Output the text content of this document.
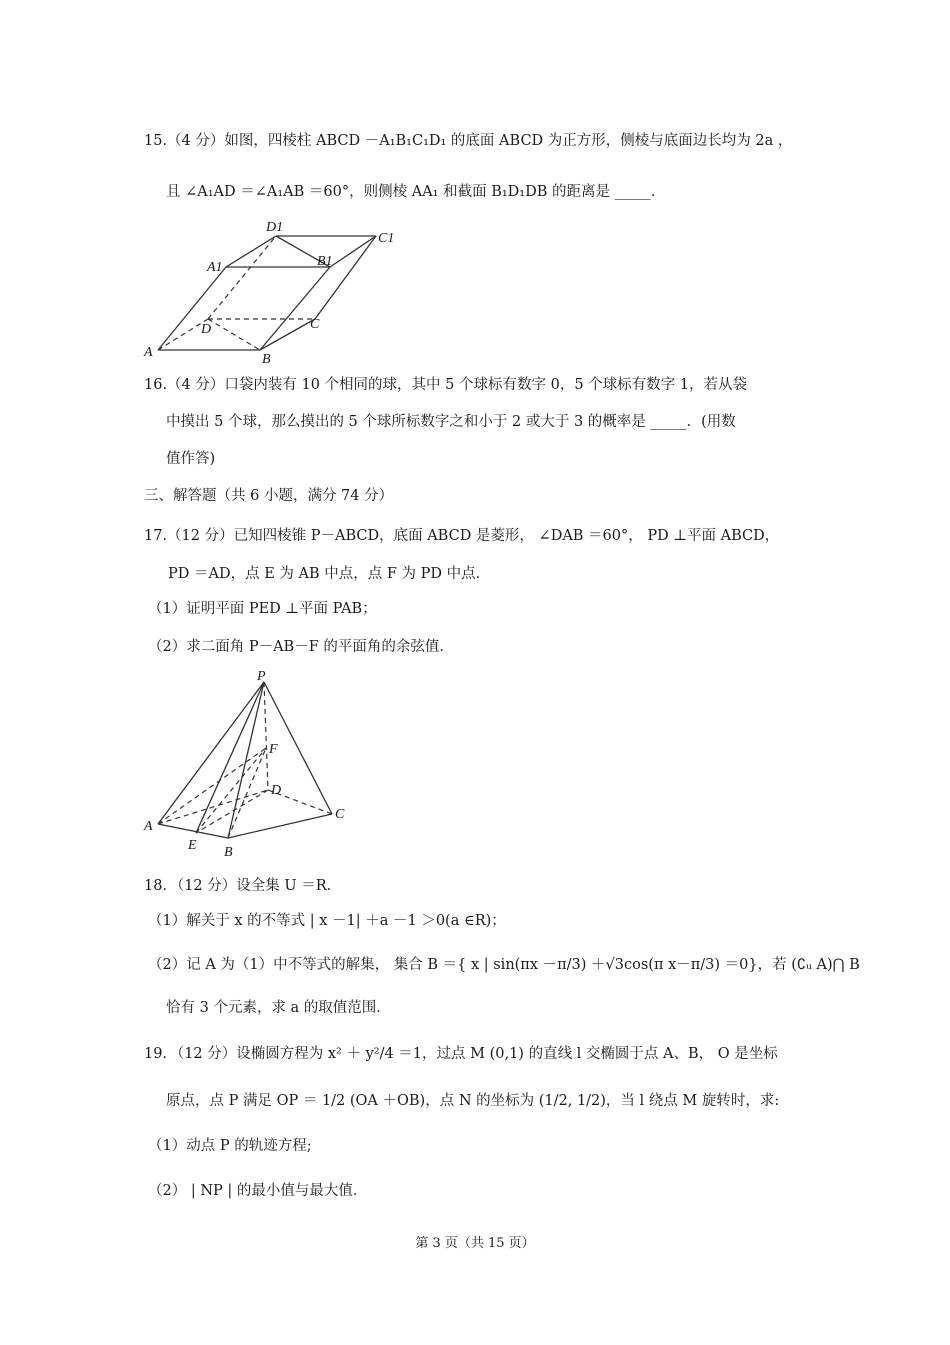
15.（4 分）如图，四棱柱 ABCD －A₁B₁C₁D₁ 的底面 ABCD 为正方形，侧棱与底面边长均为 2a ，
且 ∠A₁AD ＝∠A₁AB ＝60°，则侧棱 AA₁ 和截面 B₁D₁DB 的距离是 _____．
A	B
C
D
A1	B1
C1
D1
16.（4 分）口袋内装有 10 个相同的球，其中 5 个球标有数字 0，5 个球标有数字 1，若从袋
中摸出 5 个球，那么摸出的 5 个球所标数字之和小于 2 或大于 3 的概率是 _____．(用数
值作答)
三、解答题（共 6 小题，满分 74 分）
17.（12 分）已知四棱锥 P－ABCD，底面 ABCD 是菱形， ∠DAB ＝60°， PD ⊥平面 ABCD，
PD ＝AD，点 E 为 AB 中点，点 F 为 PD 中点．
（1）证明平面 PED ⊥平面 PAB；
（2）求二面角 P－AB－F 的平面角的余弦值．
P
F
D
A
C
E B
18．（12 分）设全集 U ＝R．
（1）解关于 x 的不等式 | x －1| ＋a －1 ＞0(a ∈R)；
（2）记 A 为（1）中不等式的解集， 集合 B ＝{ x | sin(πx －π/3) ＋√3cos(π x－π/3) ＝0}，若 (∁ᵤ A)⋂ B
恰有 3 个元素，求 a 的取值范围．
19．（12 分）设椭圆方程为 x² ＋ y²/4 ＝1，过点 M (0,1) 的直线 l 交椭圆于点 A、B， O 是坐标
原点，点 P 满足 OP ＝ 1/2 (OA ＋OB)，点 N 的坐标为 (1/2, 1/2)，当 l 绕点 M 旋转时，求:
（1）动点 P 的轨迹方程;
（2） | NP | 的最小值与最大值．
第 3 页（共 15 页）
